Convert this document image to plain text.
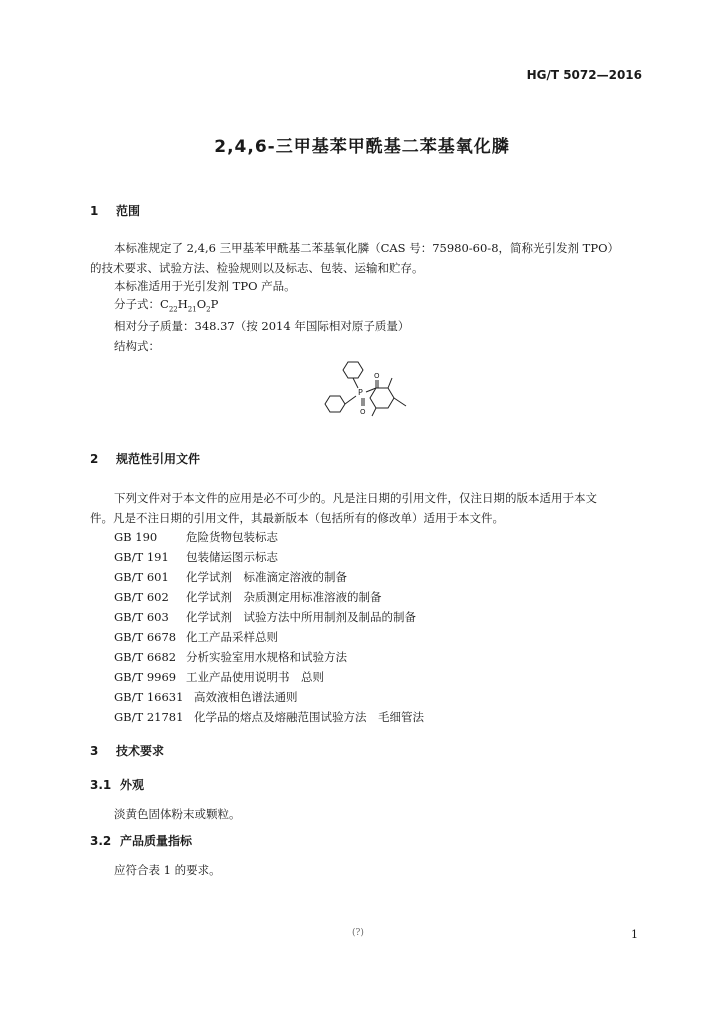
HG/T 5072—2016
2,4,6-三甲基苯甲酰基二苯基氧化膦
1 范围
本标准规定了 2,4,6 三甲基苯甲酰基二苯基氧化膦（CAS 号：75980-60-8，简称光引发剂 TPO）
的技术要求、试验方法、检验规则以及标志、包装、运输和贮存。
本标准适用于光引发剂 TPO 产品。
分子式：$C_{22}H_{21}O_2P$
相对分子质量：348.37（按 2014 年国际相对原子质量）
结构式：
P
O
O
2 规范性引用文件
下列文件对于本文件的应用是必不可少的。凡是注日期的引用文件，仅注日期的版本适用于本文
件。凡是不注日期的引用文件，其最新版本（包括所有的修改单）适用于本文件。
GB 190	危险货物包装标志
GB/T 191 包装储运图示标志
GB/T 601 化学试剂　标准滴定溶液的制备
GB/T 602 化学试剂　杂质测定用标准溶液的制备
GB/T 603 化学试剂　试验方法中所用制剂及制品的制备
GB/T 6678 化工产品采样总则
GB/T 6682 分析实验室用水规格和试验方法
GB/T 9969 工业产品使用说明书　总则
GB/T 16631 高效液相色谱法通则
GB/T 21781 化学品的熔点及熔融范围试验方法　毛细管法
3 技术要求
3.1 外观
淡黄色固体粉末或颗粒。
3.2 产品质量指标
应符合表 1 的要求。
(?)	1
